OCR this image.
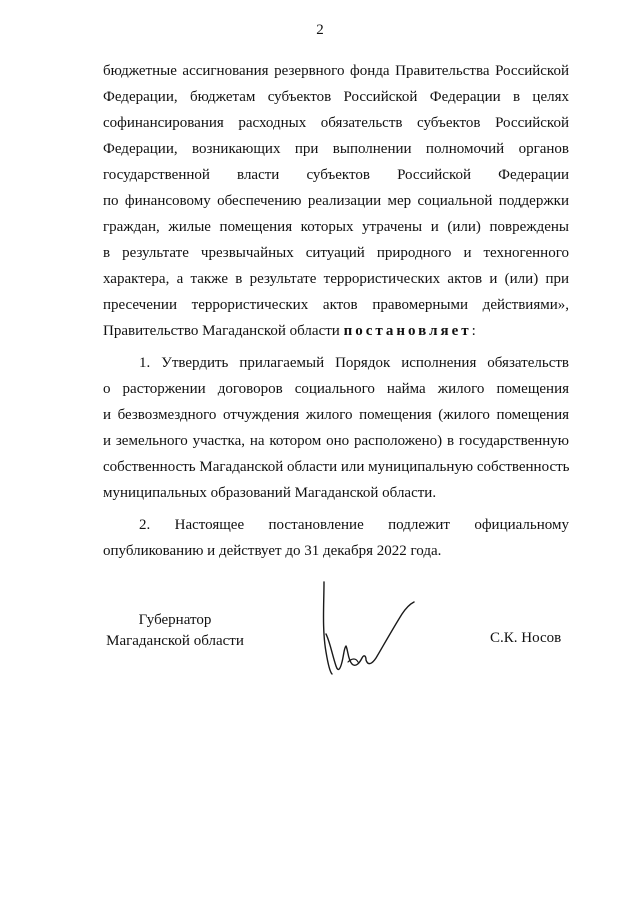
2
бюджетные ассигнования резервного фонда Правительства Российской
Федерации, бюджетам субъектов Российской Федерации в целях
софинансирования расходных обязательств субъектов Российской
Федерации, возникающих при выполнении полномочий органов
государственной власти субъектов Российской Федерации
по финансовому обеспечению реализации мер социальной поддержки
граждан, жилые помещения которых утрачены и (или) повреждены
в результате чрезвычайных ситуаций природного и техногенного
характера, а также в результате террористических актов и (или) при
пресечении террористических актов правомерными действиями»,
Правительство Магаданской области постановляет:
1. Утвердить прилагаемый Порядок исполнения обязательств
о расторжении договоров социального найма жилого помещения
и безвозмездного отчуждения жилого помещения (жилого помещения
и земельного участка, на котором оно расположено) в государственную
собственность Магаданской области или муниципальную собственность
муниципальных образований Магаданской области.
2. Настоящее постановление подлежит официальному
опубликованию и действует до 31 декабря 2022 года.
Губернатор
Магаданской области	С.К. Носов
